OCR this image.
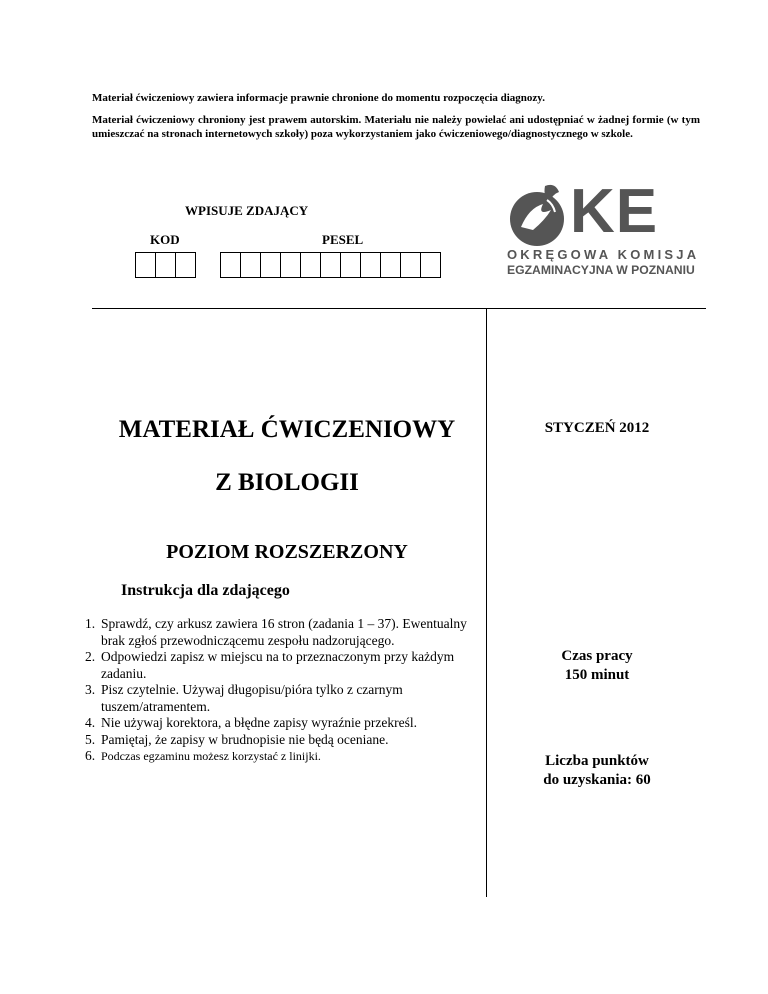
Materiał ćwiczeniowy zawiera informacje prawnie chronione do momentu rozpoczęcia diagnozy.
Materiał ćwiczeniowy chroniony jest prawem autorskim. Materiału nie należy powielać ani udostępniać w żadnej formie (w tym umieszczać na stronach internetowych szkoły) poza wykorzystaniem jako ćwiczeniowego/diagnostycznego w szkole.
WPISUJE ZDAJĄCY
KOD	PESEL	KE
OKRĘGOWA KOMISJA
EGZAMINACYJNA W POZNANIU
MATERIAŁ ĆWICZENIOWY
Z BIOLOGII
STYCZEŃ 2012
POZIOM ROZSZERZONY
Instrukcja dla zdającego
1. Sprawdź, czy arkusz zawiera 16 stron (zadania 1 – 37). Ewentualny brak zgłoś przewodniczącemu zespołu nadzorującego.
2. Odpowiedzi zapisz w miejscu na to przeznaczonym przy każdym zadaniu.
3. Pisz czytelnie. Używaj długopisu/pióra tylko z czarnym tuszem/atramentem.
4. Nie używaj korektora, a błędne zapisy wyraźnie przekreśl.
5. Pamiętaj, że zapisy w brudnopisie nie będą oceniane.
6. Podczas egzaminu możesz korzystać z linijki.
Czas pracy
150 minut
Liczba punktów
do uzyskania: 60
